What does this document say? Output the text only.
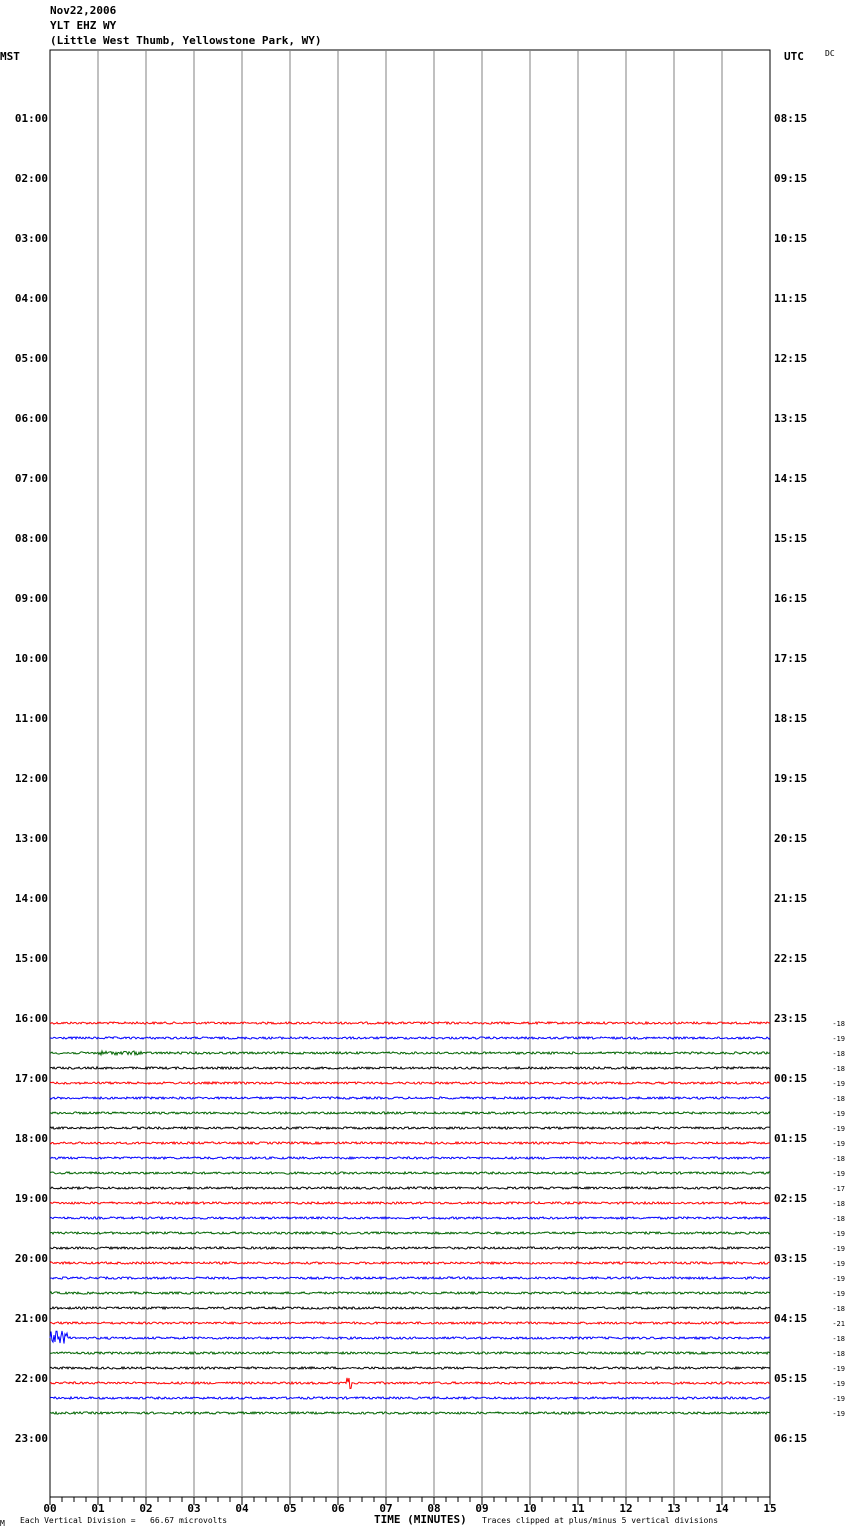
Nov22,2006
YLT EHZ WY
(Little West Thumb, Yellowstone Park, WY)
MST	UTC	DC
01:00
02:00
03:00
04:00
05:00
06:00
07:00
08:00
09:00
10:00
11:00
12:00
13:00
14:00
15:00
16:00
17:00
18:00
19:00
20:00
21:00
22:00
23:00
08:15
09:15
10:15
11:15
12:15
13:15
14:15
15:15
16:15
17:15
18:15
19:15
20:15
21:15
22:15
23:15
00:15
01:15
02:15
03:15
04:15
05:15
06:15
-18
-19
-18
-18
-19
-18
-19
-19
-19
-18
-19
-17
-18
-18
-19
-19
-19
-19
-19
-18
-21
-18
-18
-19
-19
-19
-19
00	01	02	03	04	05	06	07	08	09	10	11	12	13	14	15
M Each Vertical Division =   66.67 microvolts	TIME (MINUTES) Traces clipped at plus/minus 5 vertical divisions
